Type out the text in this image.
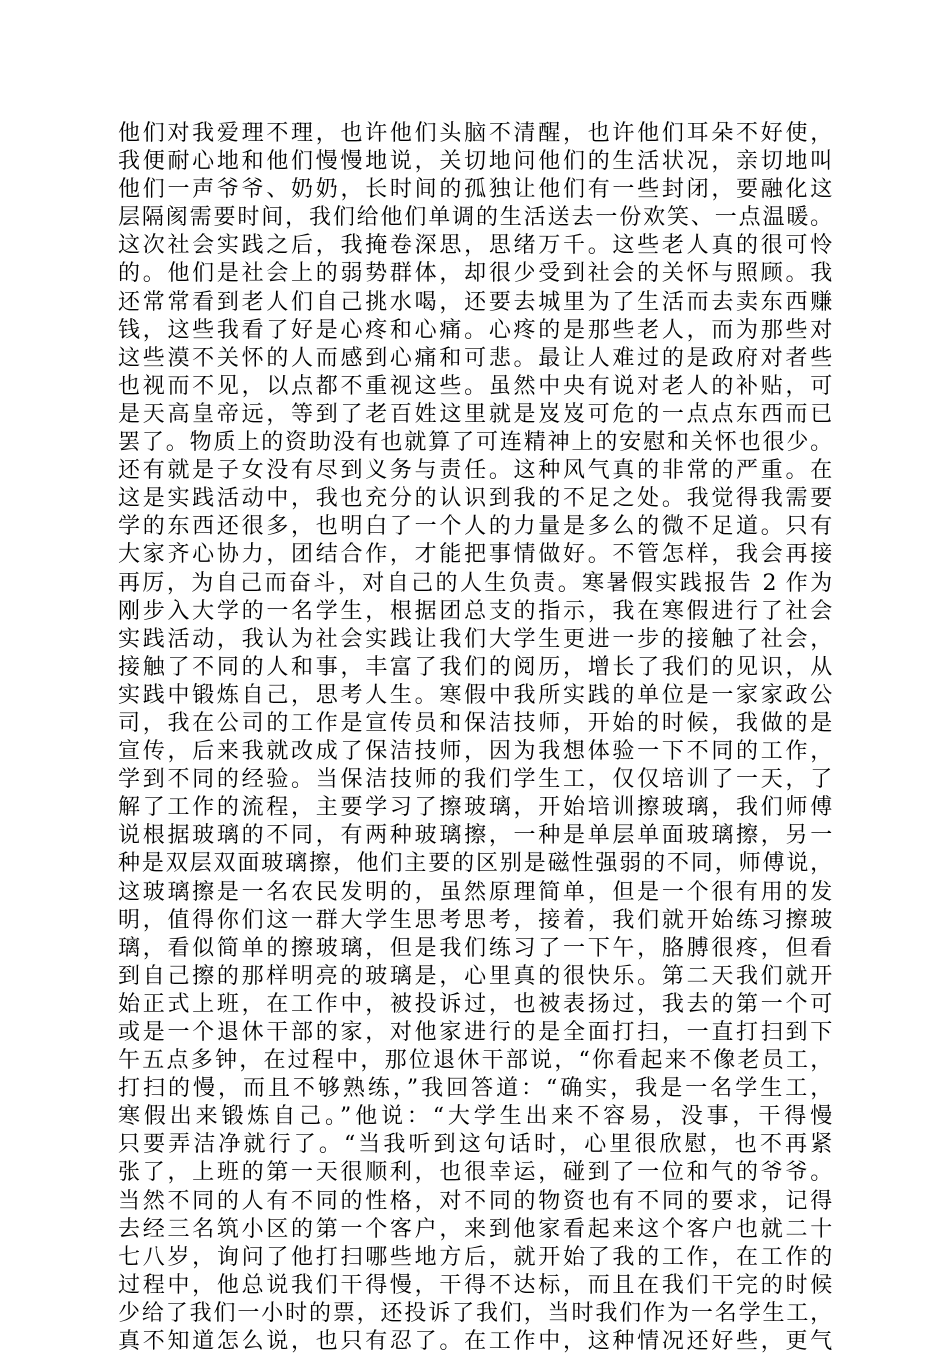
他们对我爱理不理，也许他们头脑不清醒，也许他们耳朵不好使，
我便耐心地和他们慢慢地说，关切地问他们的生活状况，亲切地叫
他们一声爷爷、奶奶，长时间的孤独让他们有一些封闭，要融化这
层隔阂需要时间，我们给他们单调的生活送去一份欢笑、一点温暖。
这次社会实践之后，我掩卷深思，思绪万千。这些老人真的很可怜
的。他们是社会上的弱势群体，却很少受到社会的关怀与照顾。我
还常常看到老人们自己挑水喝，还要去城里为了生活而去卖东西赚
钱，这些我看了好是心疼和心痛。心疼的是那些老人，而为那些对
这些漠不关怀的人而感到心痛和可悲。最让人难过的是政府对者些
也视而不见，以点都不重视这些。虽然中央有说对老人的补贴，可
是天高皇帝远，等到了老百姓这里就是岌岌可危的一点点东西而已
罢了。物质上的资助没有也就算了可连精神上的安慰和关怀也很少。
还有就是子女没有尽到义务与责任。这种风气真的非常的严重。在
这是实践活动中，我也充分的认识到我的不足之处。我觉得我需要
学的东西还很多，也明白了一个人的力量是多么的微不足道。只有
大家齐心协力，团结合作，才能把事情做好。不管怎样，我会再接
再厉，为自己而奋斗，对自己的人生负责。寒暑假实践报告 2 作为
刚步入大学的一名学生，根据团总支的指示，我在寒假进行了社会
实践活动，我认为社会实践让我们大学生更进一步的接触了社会，
接触了不同的人和事，丰富了我们的阅历，增长了我们的见识，从
实践中锻炼自己，思考人生。寒假中我所实践的单位是一家家政公
司，我在公司的工作是宣传员和保洁技师，开始的时候，我做的是
宣传，后来我就改成了保洁技师，因为我想体验一下不同的工作，
学到不同的经验。当保洁技师的我们学生工，仅仅培训了一天，了
解了工作的流程，主要学习了擦玻璃，开始培训擦玻璃，我们师傅
说根据玻璃的不同，有两种玻璃擦，一种是单层单面玻璃擦，另一
种是双层双面玻璃擦，他们主要的区别是磁性强弱的不同，师傅说，
这玻璃擦是一名农民发明的，虽然原理简单，但是一个很有用的发
明，值得你们这一群大学生思考思考，接着，我们就开始练习擦玻
璃，看似简单的擦玻璃，但是我们练习了一下午，胳膊很疼，但看
到自己擦的那样明亮的玻璃是，心里真的很快乐。第二天我们就开
始正式上班，在工作中，被投诉过，也被表扬过，我去的第一个可
或是一个退休干部的家，对他家进行的是全面打扫，一直打扫到下
午五点多钟，在过程中，那位退休干部说，“你看起来不像老员工，
打扫的慢，而且不够熟练，”我回答道：“确实，我是一名学生工，
寒假出来锻炼自己。”他说：“大学生出来不容易，没事，干得慢
只要弄洁净就行了。“当我听到这句话时，心里很欣慰，也不再紧
张了，上班的第一天很顺利，也很幸运，碰到了一位和气的爷爷。
当然不同的人有不同的性格，对不同的物资也有不同的要求，记得
去经三名筑小区的第一个客户，来到他家看起来这个客户也就二十
七八岁，询问了他打扫哪些地方后，就开始了我的工作，在工作的
过程中，他总说我们干得慢，干得不达标，而且在我们干完的时候
少给了我们一小时的票，还投诉了我们，当时我们作为一名学生工，
真不知道怎么说，也只有忍了。在工作中，这种情况还好些，更气
